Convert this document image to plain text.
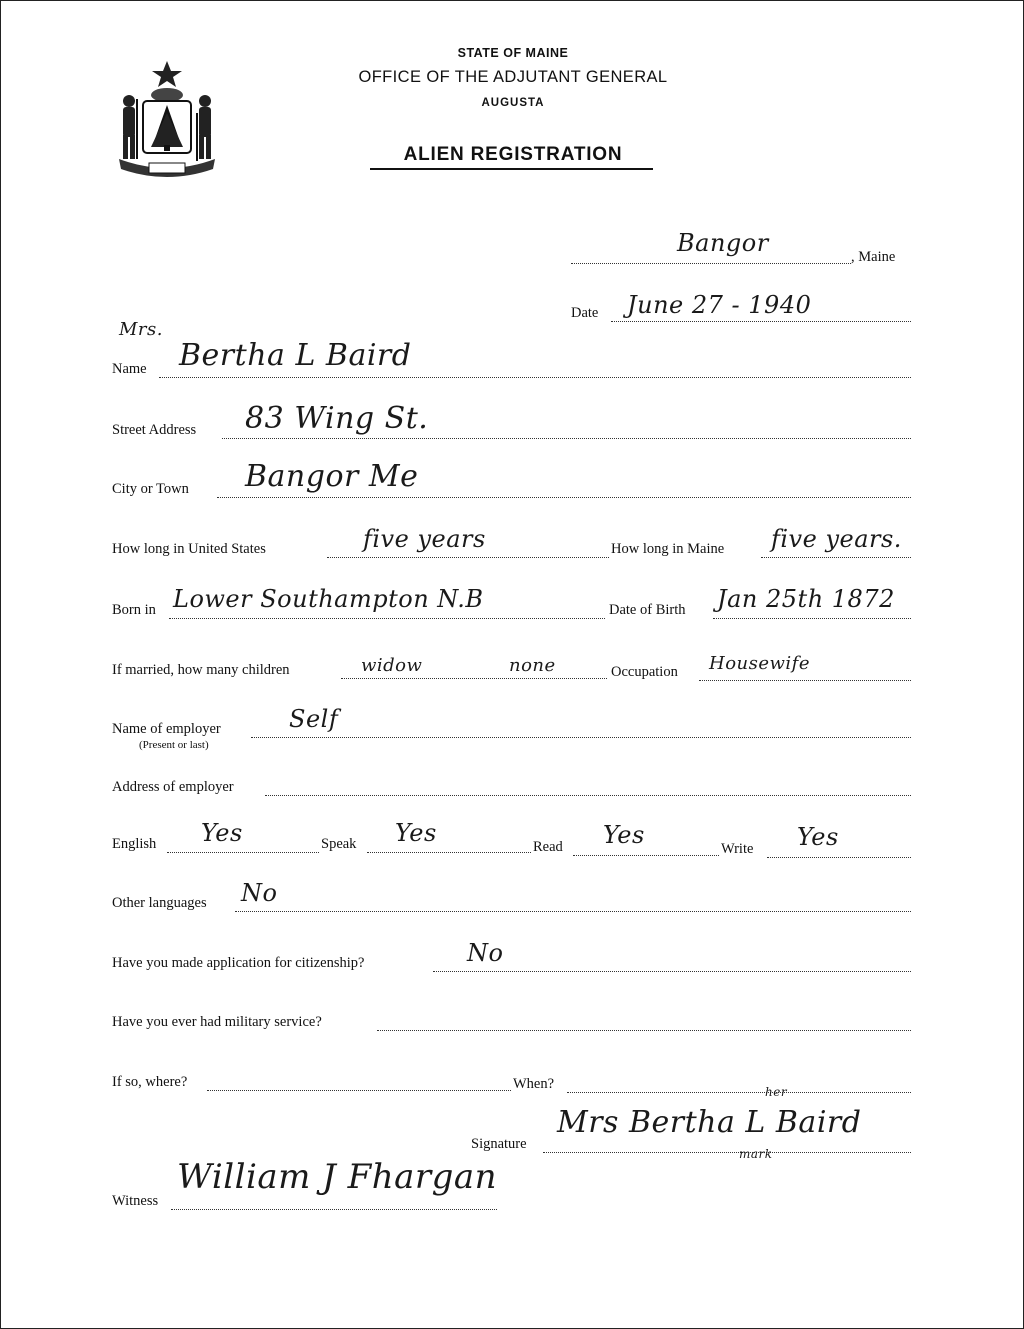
STATE OF MAINE
OFFICE OF THE ADJUTANT GENERAL
AUGUSTA
ALIEN REGISTRATION
Bangor	, Maine
Date June 27 - 1940
Mrs.
Name Bertha L Baird
Street Address 83 Wing St.
City or Town Bangor Me
How long in United States	five years	How long in Maine five years.
Born in Lower Southampton N.B	Date of Birth Jan 25th 1872
If married, how many children	widow	none	Occupation Housewife
Name of employer
(Present or last)
Self
Address of employer
English Yes	Speak Yes	Read Yes	Write Yes
Other languages No
Have you made application for citizenship?	No
Have you ever had military service?
If so, where?	When?
Signature
her
Mrs Bertha L Baird
mark
Witness
William J Fhargan
